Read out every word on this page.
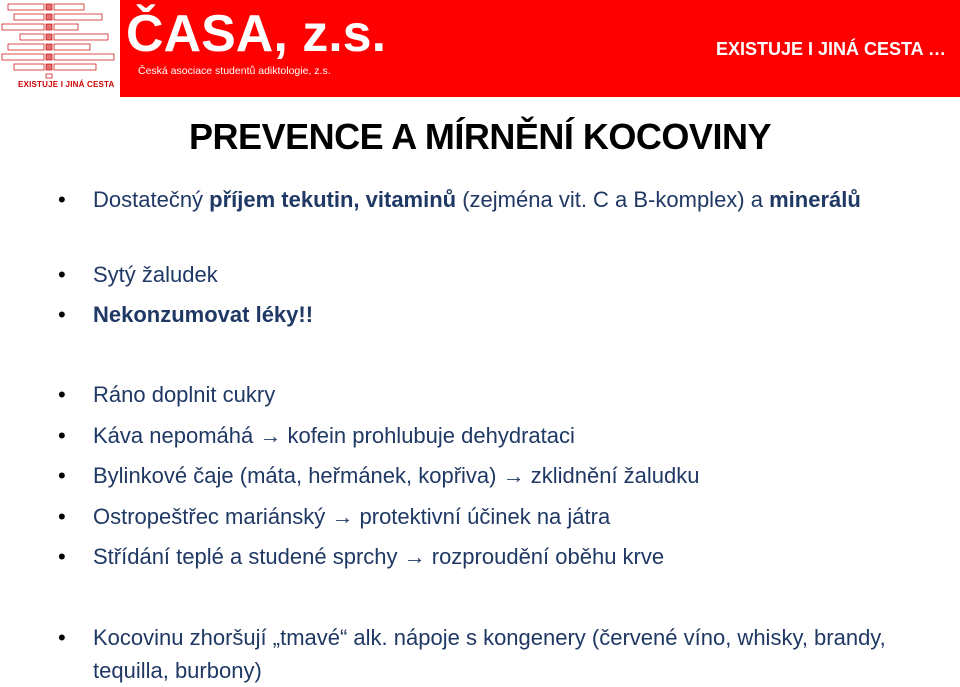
EXISTUJE I JINÁ CESTA
ČASA, z.s.
Česká asociace studentů adiktologie, z.s.
EXISTUJE I JINÁ CESTA …
PREVENCE A MÍRNĚNÍ KOCOVINY
• Dostatečný příjem tekutin, vitaminů (zejména vit. C a B-komplex) a minerálů
• Sytý žaludek
• Nekonzumovat léky!!
• Ráno doplnit cukry
• Káva nepomáhá → kofein prohlubuje dehydrataci
• Bylinkové čaje (máta, heřmánek, kopřiva) → zklidnění žaludku
• Ostropeštřec mariánský → protektivní účinek na játra
• Střídání teplé a studené sprchy → rozproudění oběhu krve
• Kocovinu zhoršují „tmavé“ alk. nápoje s kongenery (červené víno, whisky, brandy, tequilla, burbony)
